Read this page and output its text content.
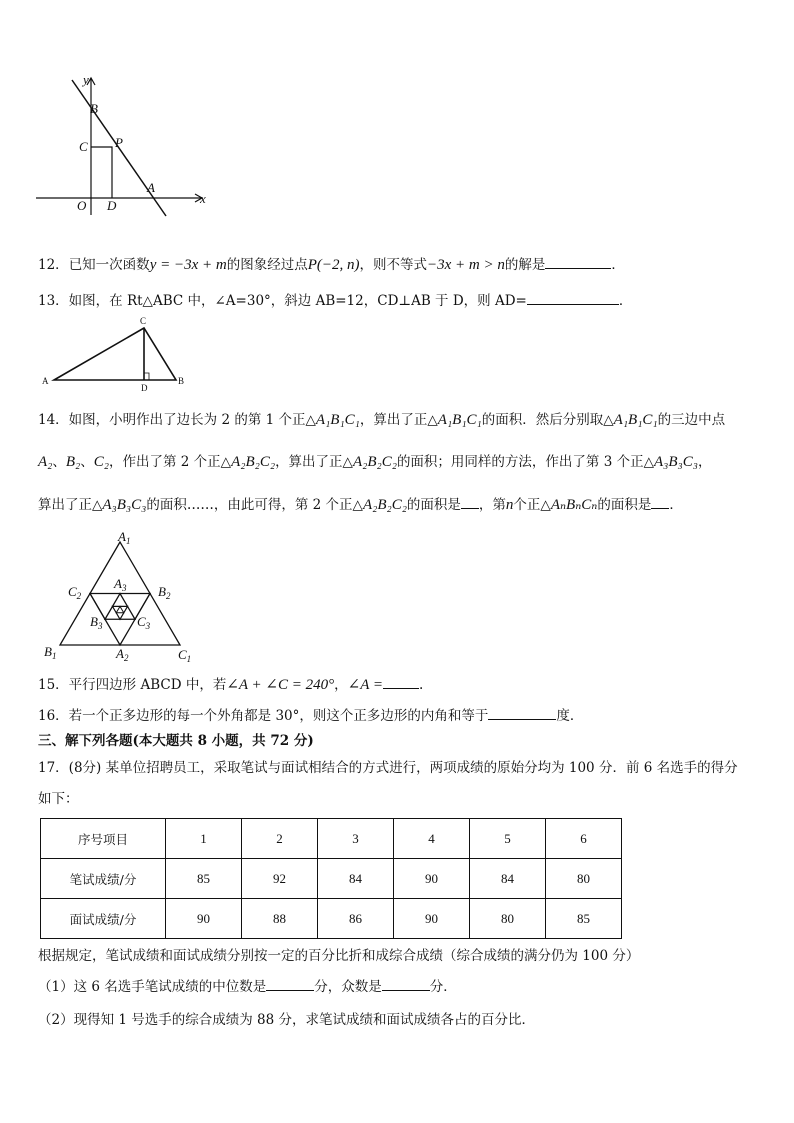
y
x
B
C P
A
O D
12．已知一次函数y = −3x + m的图象经过点P(−2, n)，则不等式−3x + m > n的解是	．
13．如图，在 Rt△ABC 中，∠A=30°，斜边 AB=12，CD⊥AB 于 D，则 AD=	．
A	B
C
D
14．如图，小明作出了边长为 2 的第 1 个正△A₁B₁C₁，算出了正△A₁B₁C₁的面积．然后分别取△A₁B₁C₁的三边中点
A₂、B₂、C₂，作出了第 2 个正△A₂B₂C₂，算出了正△A₂B₂C₂的面积；用同样的方法，作出了第 3 个正△A₃B₃C₃，
算出了正△A₃B₃C₃的面积……，由此可得，第 2 个正△A₂B₂C₂的面积是 ，第n个正△AₙBₙCₙ的面积是 ．
$A_1$
$B_1$	$C_1$
$C_2$	$B_2$
$A_2$
$A_3$
$B_3$	$C_3$
15．平行四边形 ABCD 中，若∠A + ∠C = 240°，∠A =	.
16．若一个正多边形的每一个外角都是 30°，则这个正多边形的内角和等于	度．
三、解下列各题(本大题共 8 小题，共 72 分)
17．(8分) 某单位招聘员工，采取笔试与面试相结合的方式进行，两项成绩的原始分均为 100 分．前 6 名选手的得分
如下：
序号项目	1	2	3	4	5	6
笔试成绩/分	85	92	84	90	84	80
面试成绩/分	90	88	86	90	80	85
根据规定，笔试成绩和面试成绩分别按一定的百分比折和成综合成绩（综合成绩的满分仍为 100 分）
（1）这 6 名选手笔试成绩的中位数是	分，众数是	分．
（2）现得知 1 号选手的综合成绩为 88 分，求笔试成绩和面试成绩各占的百分比．
